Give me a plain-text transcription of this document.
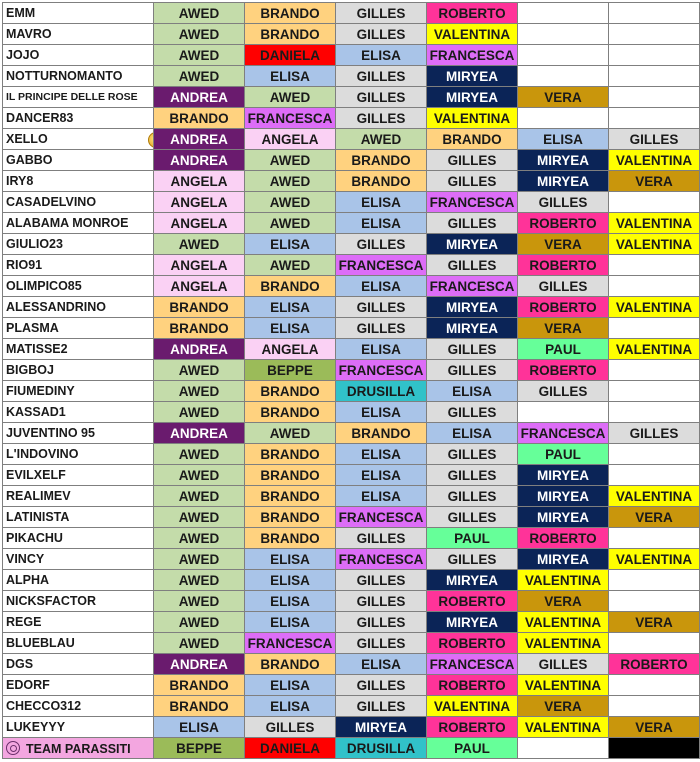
EMM	AWED	BRANDO	GILLES	ROBERTO		
MAVRO	AWED	BRANDO	GILLES	VALENTINA		
JOJO	AWED	DANIELA	ELISA	FRANCESCA		
NOTTURNOMANTO	AWED	ELISA	GILLES	MIRYEA		
IL PRINCIPE DELLE ROSE	ANDREA	AWED	GILLES	MIRYEA	VERA	
DANCER83	BRANDO	FRANCESCA	GILLES	VALENTINA		
XELLO	ANDREA	ANGELA	AWED	BRANDO	ELISA	GILLES
GABBO	ANDREA	AWED	BRANDO	GILLES	MIRYEA	VALENTINA
IRY8	ANGELA	AWED	BRANDO	GILLES	MIRYEA	VERA
CASADELVINO	ANGELA	AWED	ELISA	FRANCESCA	GILLES	
ALABAMA MONROE	ANGELA	AWED	ELISA	GILLES	ROBERTO	VALENTINA
GIULIO23	AWED	ELISA	GILLES	MIRYEA	VERA	VALENTINA
RIO91	ANGELA	AWED	FRANCESCA	GILLES	ROBERTO	
OLIMPICO85	ANGELA	BRANDO	ELISA	FRANCESCA	GILLES	
ALESSANDRINO	BRANDO	ELISA	GILLES	MIRYEA	ROBERTO	VALENTINA
PLASMA	BRANDO	ELISA	GILLES	MIRYEA	VERA	
MATISSE2	ANDREA	ANGELA	ELISA	GILLES	PAUL	VALENTINA
BIGBOJ	AWED	BEPPE	FRANCESCA	GILLES	ROBERTO	
FIUMEDINY	AWED	BRANDO	DRUSILLA	ELISA	GILLES	
KASSAD1	AWED	BRANDO	ELISA	GILLES		
JUVENTINO 95	ANDREA	AWED	BRANDO	ELISA	FRANCESCA	GILLES
L'INDOVINO	AWED	BRANDO	ELISA	GILLES	PAUL	
EVILXELF	AWED	BRANDO	ELISA	GILLES	MIRYEA	
REALIMEV	AWED	BRANDO	ELISA	GILLES	MIRYEA	VALENTINA
LATINISTA	AWED	BRANDO	FRANCESCA	GILLES	MIRYEA	VERA
PIKACHU	AWED	BRANDO	GILLES	PAUL	ROBERTO	
VINCY	AWED	ELISA	FRANCESCA	GILLES	MIRYEA	VALENTINA
ALPHA	AWED	ELISA	GILLES	MIRYEA	VALENTINA	
NICKSFACTOR	AWED	ELISA	GILLES	ROBERTO	VERA	
REGE	AWED	ELISA	GILLES	MIRYEA	VALENTINA	VERA
BLUEBLAU	AWED	FRANCESCA	GILLES	ROBERTO	VALENTINA	
DGS	ANDREA	BRANDO	ELISA	FRANCESCA	GILLES	ROBERTO
EDORF	BRANDO	ELISA	GILLES	ROBERTO	VALENTINA	
CHECCO312	BRANDO	ELISA	GILLES	VALENTINA	VERA	
LUKEYYY	ELISA	GILLES	MIRYEA	ROBERTO	VALENTINA	VERA
TEAM PARASSITI	BEPPE	DANIELA	DRUSILLA	PAUL		
